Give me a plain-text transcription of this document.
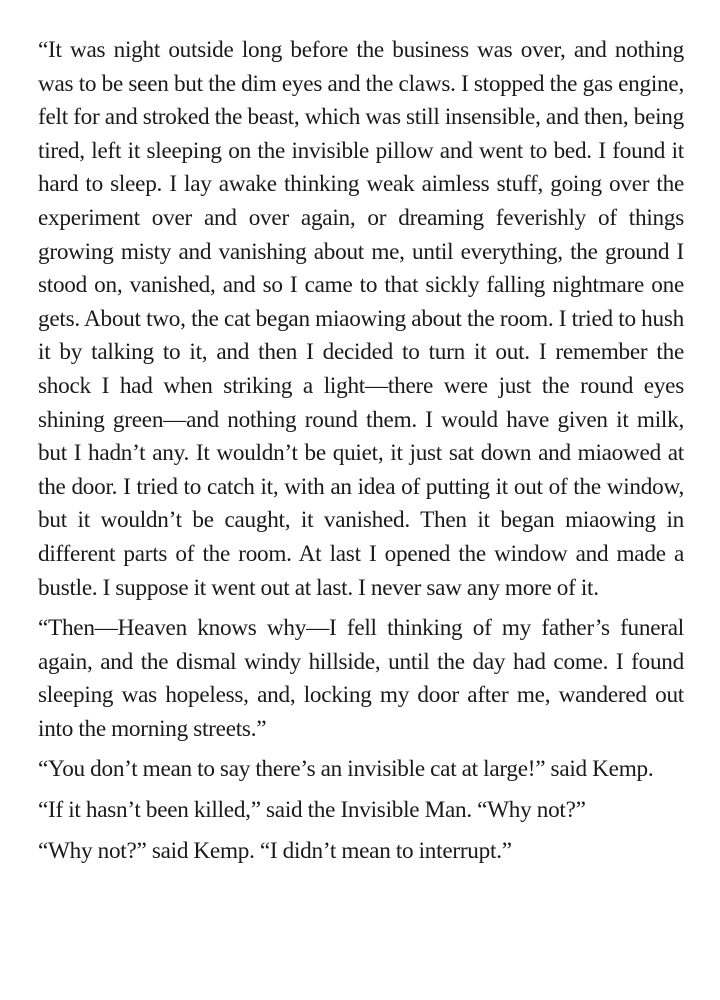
“It was night outside long before the business was over, and nothing was to be seen but the dim eyes and the claws. I stopped the gas engine, felt for and stroked the beast, which was still insensible, and then, being tired, left it sleeping on the invisible pillow and went to bed. I found it hard to sleep. I lay awake thinking weak aimless stuff, going over the experiment over and over again, or dreaming feverishly of things growing misty and vanishing about me, until everything, the ground I stood on, vanished, and so I came to that sickly falling nightmare one gets. About two, the cat began miaowing about the room. I tried to hush it by talking to it, and then I decided to turn it out. I remember the shock I had when striking a light—there were just the round eyes shining green—and nothing round them. I would have given it milk, but I hadn’t any. It wouldn’t be quiet, it just sat down and miaowed at the door. I tried to catch it, with an idea of putting it out of the window, but it wouldn’t be caught, it vanished. Then it began miaowing in different parts of the room. At last I opened the window and made a bustle. I suppose it went out at last. I never saw any more of it.

“Then—Heaven knows why—I fell thinking of my father’s funeral again, and the dismal windy hillside, until the day had come. I found sleeping was hopeless, and, locking my door after me, wandered out into the morning streets.”

“You don’t mean to say there’s an invisible cat at large!” said Kemp.

“If it hasn’t been killed,” said the Invisible Man. “Why not?”

“Why not?” said Kemp. “I didn’t mean to interrupt.”
